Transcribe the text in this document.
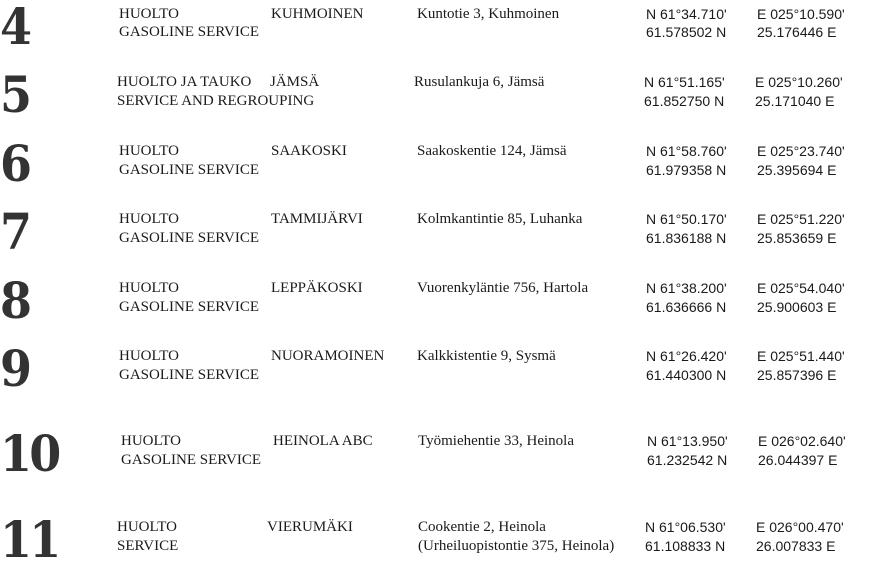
4	HUOLTO
GASOLINE SERVICE
KUHMOINEN	Kuntotie 3, Kuhmoinen	N 61°34.710' E 025°10.590'
61.578502 N 25.176446 E
5	HUOLTO JA TAUKO
SERVICE AND REGROUPING
JÄMSÄ	Rusulankuja 6, Jämsä	N 61°51.165' E 025°10.260'
61.852750 N 25.171040 E
6	HUOLTO
GASOLINE SERVICE
SAAKOSKI	Saakoskentie 124, Jämsä	N 61°58.760' E 025°23.740'
61.979358 N 25.395694 E
7	HUOLTO
GASOLINE SERVICE
TAMMIJÄRVI	Kolmkantintie 85, Luhanka	N 61°50.170' E 025°51.220'
61.836188 N 25.853659 E
8	HUOLTO
GASOLINE SERVICE
LEPPÄKOSKI	Vuorenkyläntie 756, Hartola	N 61°38.200' E 025°54.040'
61.636666 N 25.900603 E
9	HUOLTO
GASOLINE SERVICE
NUORAMOINEN Kalkkistentie 9, Sysmä	N 61°26.420' E 025°51.440'
61.440300 N 25.857396 E
10	HUOLTO
GASOLINE SERVICE
HEINOLA ABC	Työmiehentie 33, Heinola	N 61°13.950' E 026°02.640'
61.232542 N 26.044397 E
11	HUOLTO
SERVICE
VIERUMÄKI	Cookentie 2, Heinola
(Urheiluopistontie 375, Heinola)
N 61°06.530' E 026°00.470'
61.108833 N 26.007833 E
